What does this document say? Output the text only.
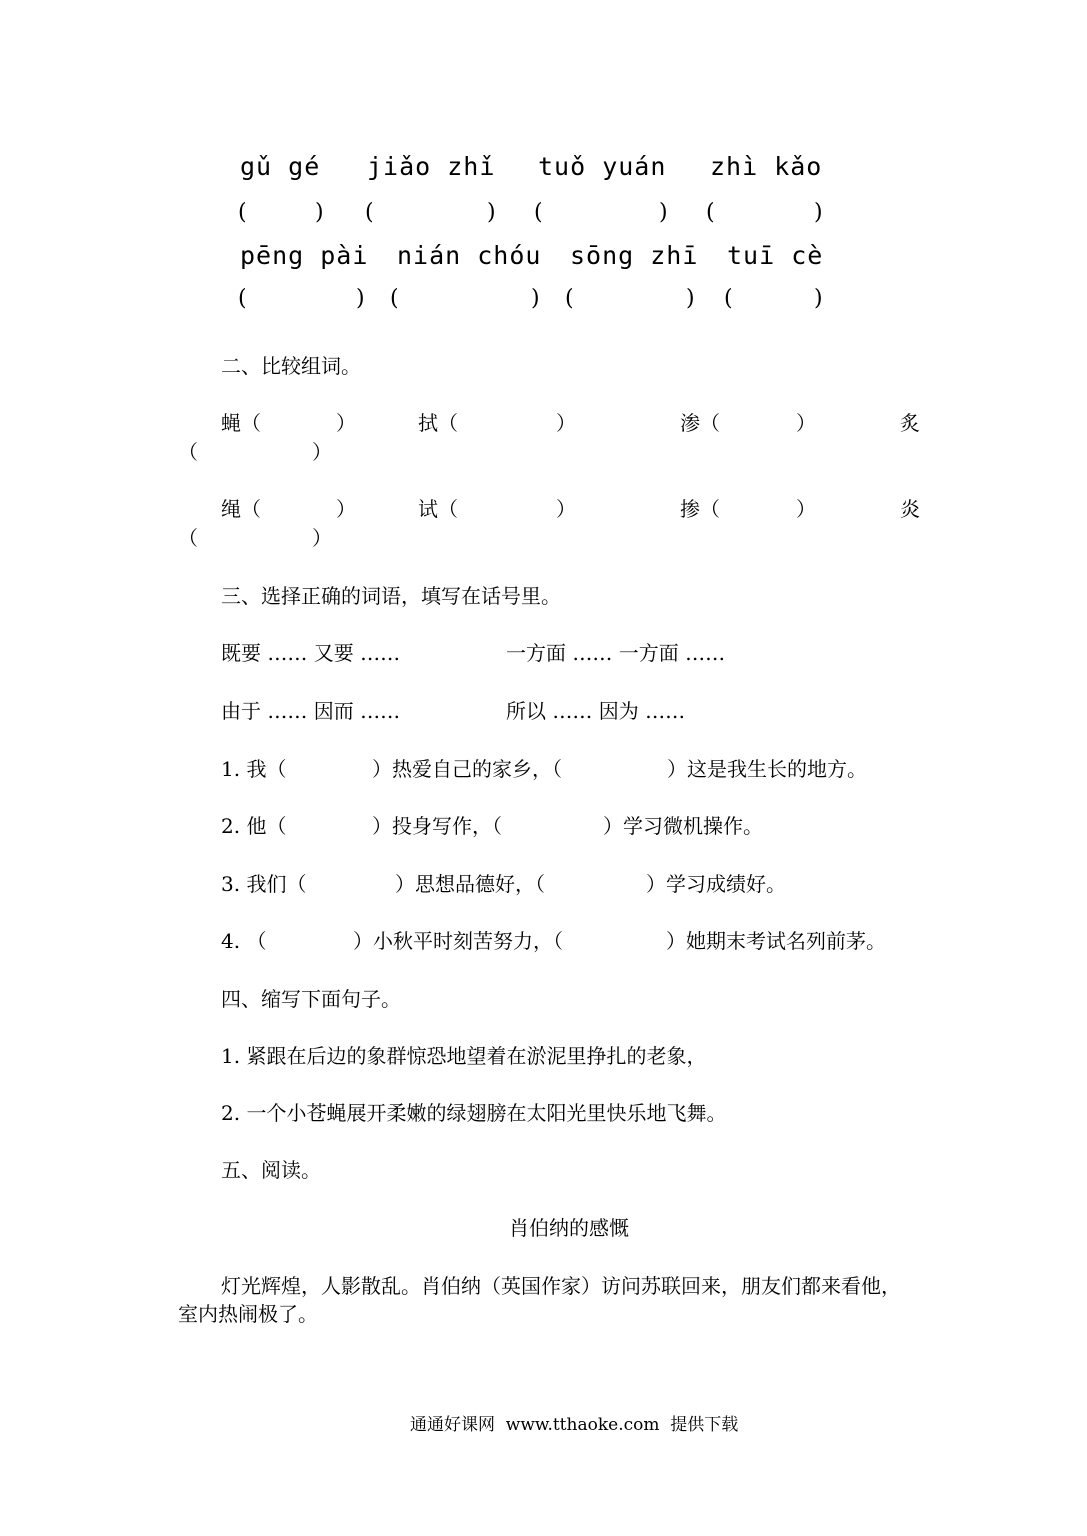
gǔ gé jiǎo zhǐ tuǒ yuán zhì kǎo
(	) (	) (	) (	)
pēng pài nián chóu sōng zhī tuī cè
(	) (	) (	) (	)
二、比较组词。
蝇（	）	拭（	）	渗（	）	炙
（	）
绳（	）	试（	）	掺（	）	炎
（	）
三、选择正确的词语，填写在话号里。
既要 …… 又要 ……	一方面 …… 一方面 ……
由于 …… 因而 ……	所以 …… 因为 ……
1. 我（	）热爱自己的家乡，（	）这是我生长的地方。
2. 他（	）投身写作，（	）学习微机操作。
3. 我们（	）思想品德好，（	）学习成绩好。
4. （	）小秋平时刻苦努力，（	）她期末考试名列前茅。
四、缩写下面句子。
1. 紧跟在后边的象群惊恐地望着在淤泥里挣扎的老象，
2. 一个小苍蝇展开柔嫩的绿翅膀在太阳光里快乐地飞舞。
五、阅读。
肖伯纳的感慨
灯光辉煌，人影散乱。肖伯纳（英国作家）访问苏联回来，朋友们都来看他，
室内热闹极了。
通通好课网  www.tthaoke.com  提供下载
